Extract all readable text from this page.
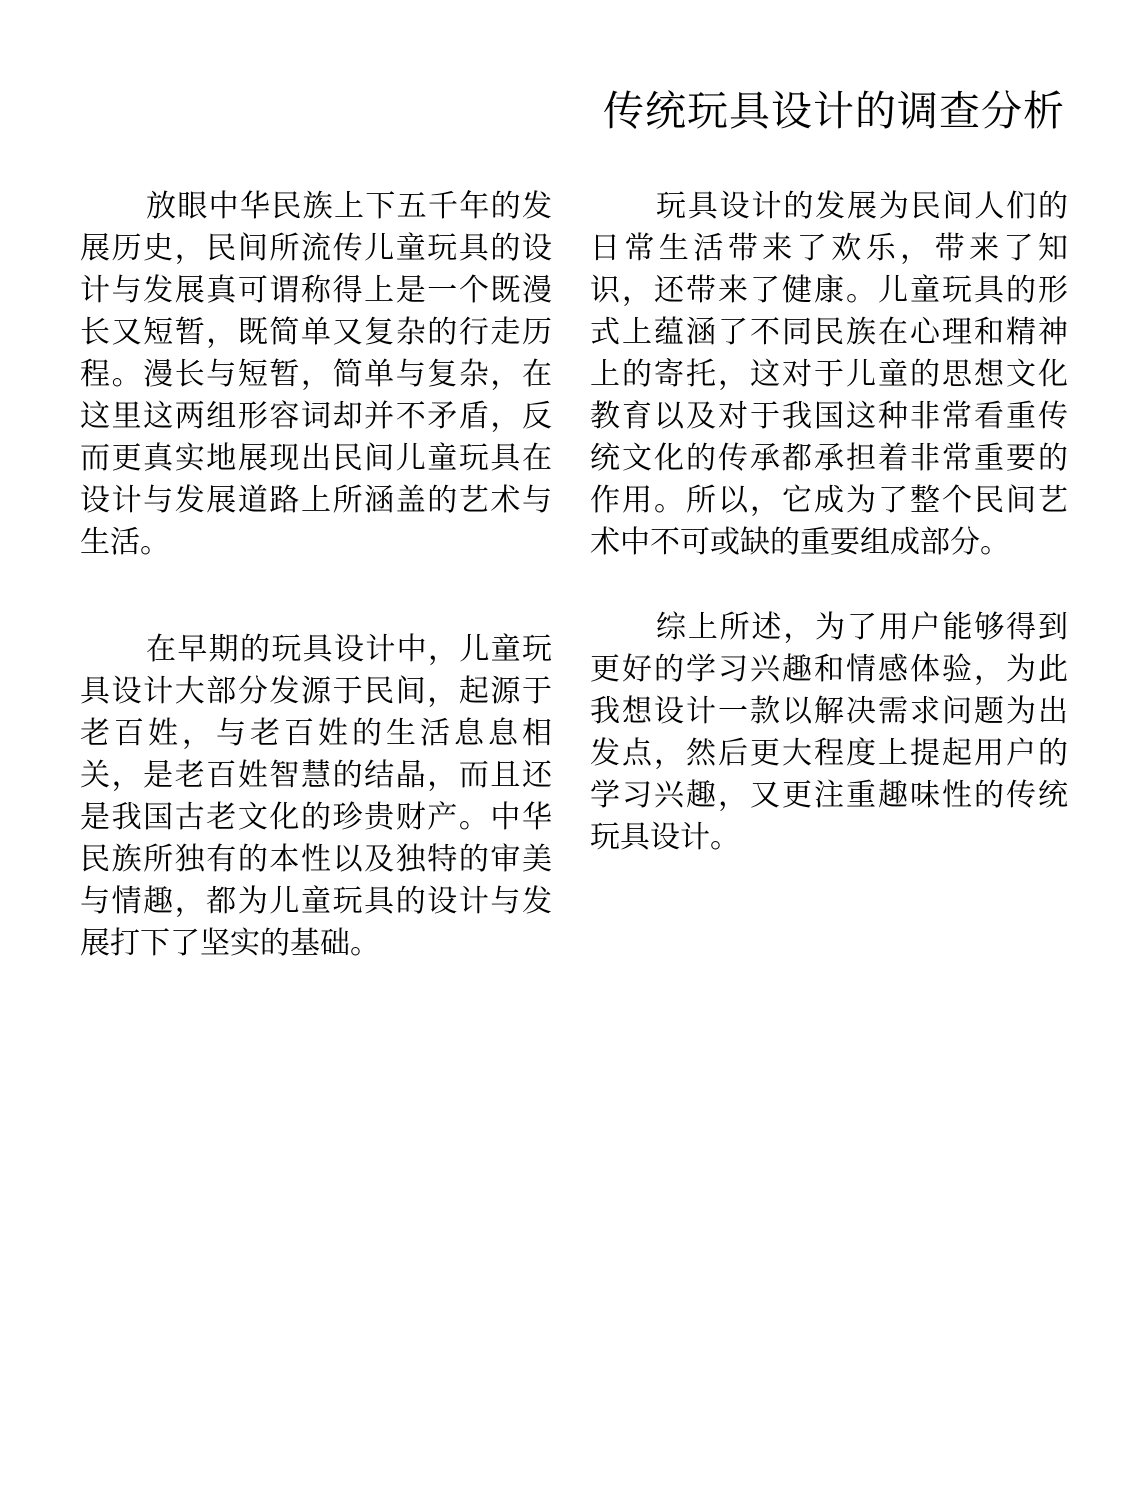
传统玩具设计的调查分析

放眼中华民族上下五千年的发展历史，民间所流传儿童玩具的设计与发展真可谓称得上是一个既漫长又短暂，既简单又复杂的行走历程。漫长与短暂，简单与复杂，在这里这两组形容词却并不矛盾，反而更真实地展现出民间儿童玩具在设计与发展道路上所涵盖的艺术与生活。

在早期的玩具设计中，儿童玩具设计大部分发源于民间，起源于老百姓，与老百姓的生活息息相关，是老百姓智慧的结晶，而且还是我国古老文化的珍贵财产。中华民族所独有的本性以及独特的审美与情趣，都为儿童玩具的设计与发展打下了坚实的基础。

玩具设计的发展为民间人们的日常生活带来了欢乐，带来了知识，还带来了健康。儿童玩具的形式上蕴涵了不同民族在心理和精神上的寄托，这对于儿童的思想文化教育以及对于我国这种非常看重传统文化的传承都承担着非常重要的作用。所以，它成为了整个民间艺术中不可或缺的重要组成部分。

综上所述，为了用户能够得到更好的学习兴趣和情感体验，为此我想设计一款以解决需求问题为出发点，然后更大程度上提起用户的学习兴趣，又更注重趣味性的传统玩具设计。
